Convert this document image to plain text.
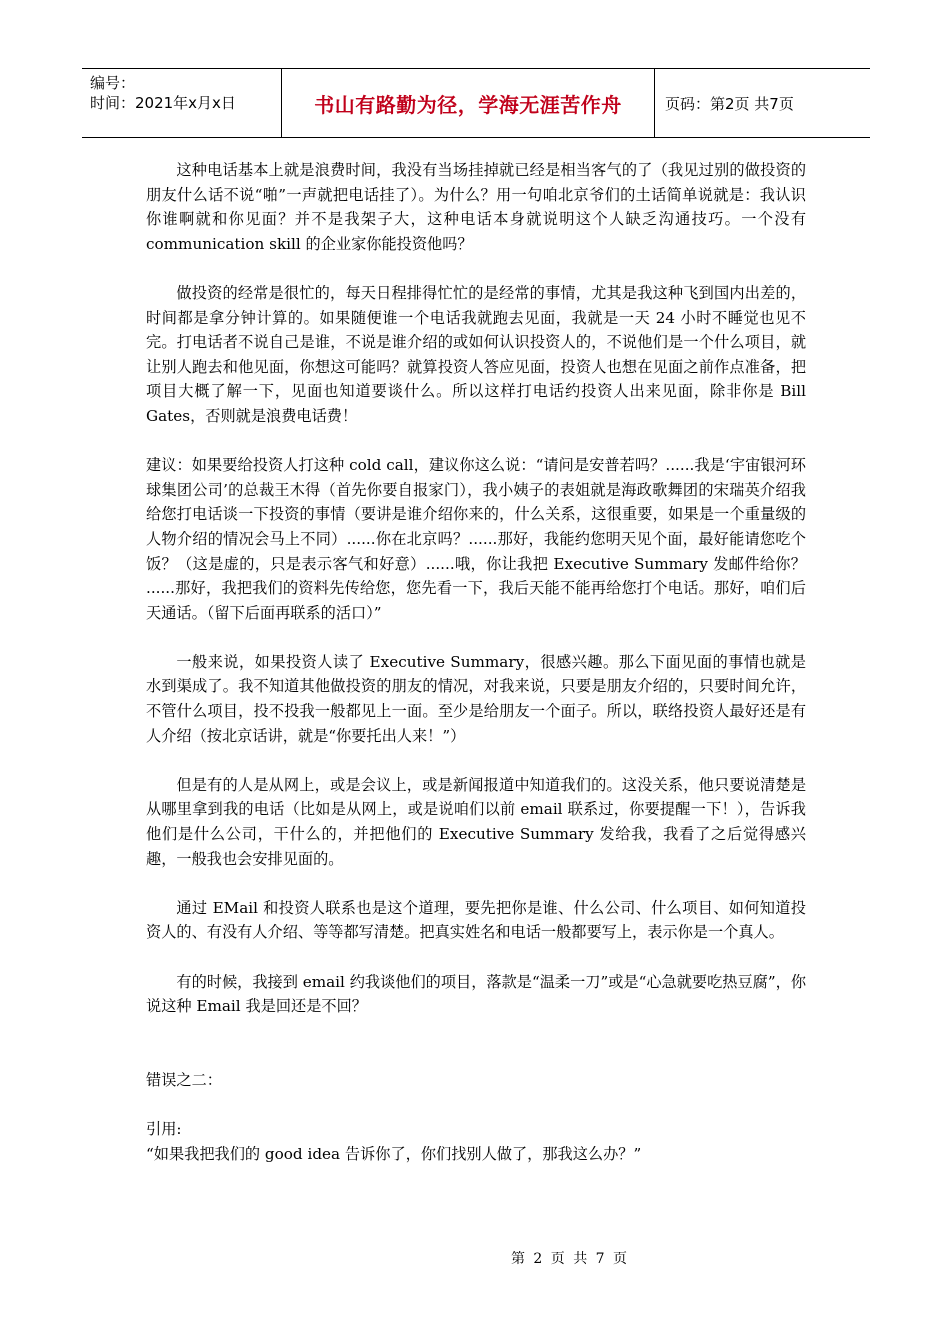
编号：
时间：2021年x月x日	书山有路勤为径，学海无涯苦作舟	页码：第2页 共7页

这种电话基本上就是浪费时间，我没有当场挂掉就已经是相当客气的了（我见过别的做投资的朋友什么话不说“啪”一声就把电话挂了）。为什么？用一句咱北京爷们的土话简单说就是：我认识你谁啊就和你见面？并不是我架子大，这种电话本身就说明这个人缺乏沟通技巧。一个没有 communication skill 的企业家你能投资他吗？

做投资的经常是很忙的，每天日程排得忙忙的是经常的事情，尤其是我这种飞到国内出差的，时间都是拿分钟计算的。如果随便谁一个电话我就跑去见面，我就是一天 24 小时不睡觉也见不完。打电话者不说自己是谁，不说是谁介绍的或如何认识投资人的，不说他们是一个什么项目，就让别人跑去和他见面，你想这可能吗？就算投资人答应见面，投资人也想在见面之前作点准备，把项目大概了解一下，见面也知道要谈什么。所以这样打电话约投资人出来见面，除非你是 Bill Gates，否则就是浪费电话费！

建议：如果要给投资人打这种 cold call，建议你这么说：“请问是安普若吗？......我是‘宇宙银河环球集团公司’的总裁王木得（首先你要自报家门），我小姨子的表姐就是海政歌舞团的宋瑞英介绍我给您打电话谈一下投资的事情（要讲是谁介绍你来的，什么关系，这很重要，如果是一个重量级的人物介绍的情况会马上不同）......你在北京吗？......那好，我能约您明天见个面，最好能请您吃个饭？（这是虚的，只是表示客气和好意）......哦，你让我把 Executive Summary 发邮件给你？ ......那好，我把我们的资料先传给您，您先看一下，我后天能不能再给您打个电话。那好，咱们后天通话。（留下后面再联系的活口）”

一般来说，如果投资人读了 Executive Summary，很感兴趣。那么下面见面的事情也就是水到渠成了。我不知道其他做投资的朋友的情况，对我来说，只要是朋友介绍的，只要时间允许，不管什么项目，投不投我一般都见上一面。至少是给朋友一个面子。所以，联络投资人最好还是有人介绍（按北京话讲，就是“你要托出人来！”）

但是有的人是从网上，或是会议上，或是新闻报道中知道我们的。这没关系，他只要说清楚是从哪里拿到我的电话（比如是从网上，或是说咱们以前 email 联系过，你要提醒一下！），告诉我他们是什么公司，干什么的，并把他们的 Executive Summary 发给我，我看了之后觉得感兴趣，一般我也会安排见面的。

通过 EMail 和投资人联系也是这个道理，要先把你是谁、什么公司、什么项目、如何知道投资人的、有没有人介绍、等等都写清楚。把真实姓名和电话一般都要写上，表示你是一个真人。

有的时候，我接到 email 约我谈他们的项目，落款是“温柔一刀”或是“心急就要吃热豆腐”，你说这种 Email 我是回还是不回？

错误之二：

引用:

“如果我把我们的 good idea 告诉你了，你们找别人做了，那我这么办？”

第 2 页 共 7 页
